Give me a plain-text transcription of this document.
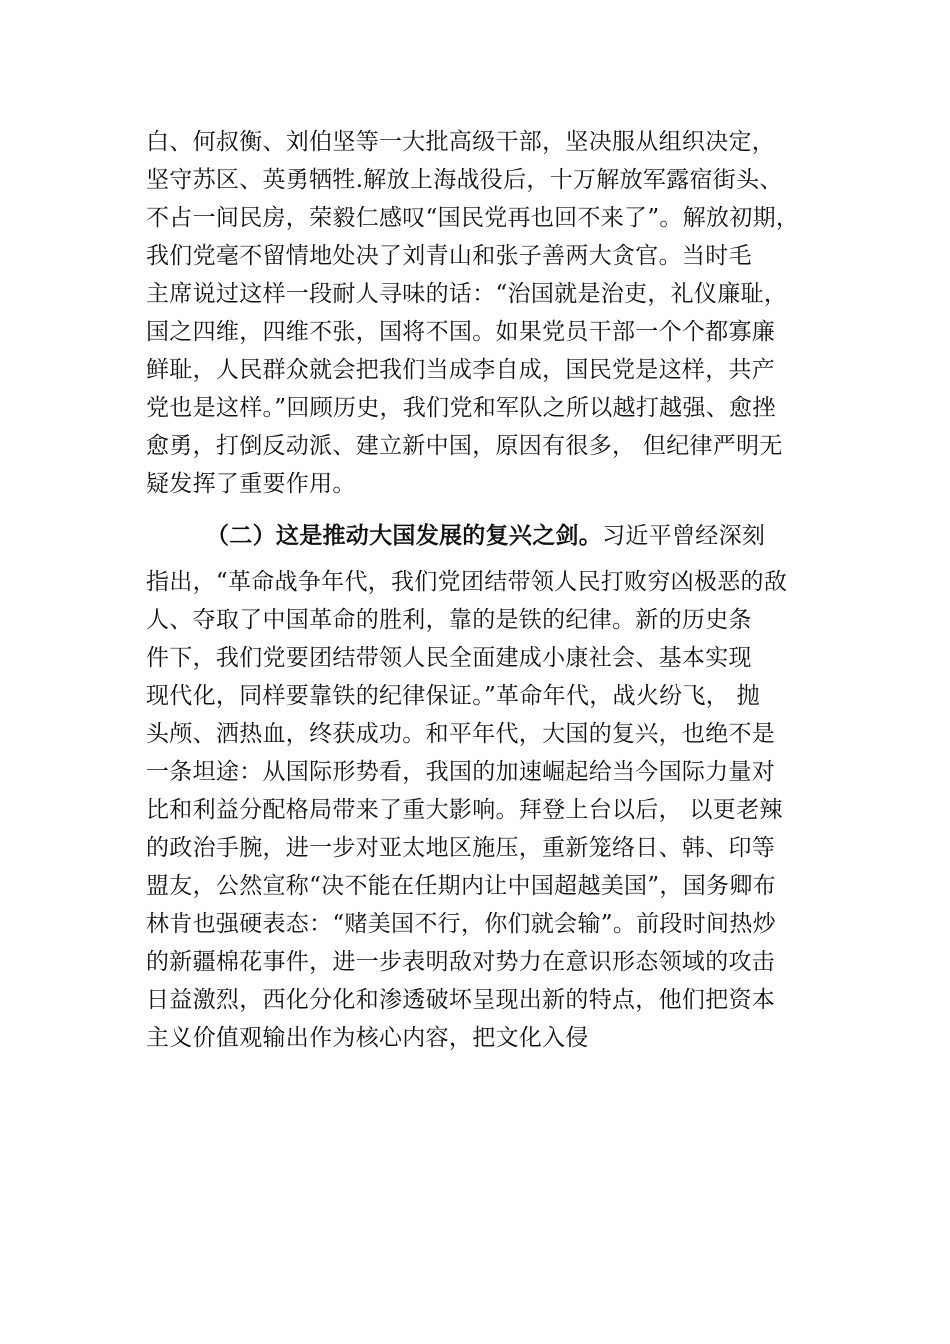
白、何叔衡、刘伯坚等一大批高级干部，坚决服从组织决定，
坚守苏区、英勇牺牲.解放上海战役后，十万解放军露宿街头、
不占一间民房，荣毅仁感叹“国民党再也回不来了”。解放初期，
我们党毫不留情地处决了刘青山和张子善两大贪官。当时毛
主席说过这样一段耐人寻味的话：“治国就是治吏，礼仪廉耻，
国之四维，四维不张，国将不国。如果党员干部一个个都寡廉
鲜耻，人民群众就会把我们当成李自成，国民党是这样，共产
党也是这样。”回顾历史，我们党和军队之所以越打越强、愈挫
愈勇，打倒反动派、建立新中国，原因有很多， 但纪律严明无
疑发挥了重要作用。
（二）这是推动大国发展的复兴之剑。习近平曾经深刻
指出，“革命战争年代，我们党团结带领人民打败穷凶极恶的敌
人、夺取了中国革命的胜利，靠的是铁的纪律。新的历史条
件下，我们党要团结带领人民全面建成小康社会、基本实现
现代化，同样要靠铁的纪律保证。”革命年代，战火纷飞， 抛
头颅、洒热血，终获成功。和平年代，大国的复兴，也绝不是
一条坦途：从国际形势看，我国的加速崛起给当今国际力量对
比和利益分配格局带来了重大影响。拜登上台以后， 以更老辣
的政治手腕，进一步对亚太地区施压，重新笼络日、韩、印等
盟友，公然宣称“决不能在任期内让中国超越美国”，国务卿布
林肯也强硬表态：“赌美国不行，你们就会输”。前段时间热炒
的新疆棉花事件，进一步表明敌对势力在意识形态领域的攻击
日益激烈，西化分化和渗透破坏呈现出新的特点，他们把资本
主义价值观输出作为核心内容，把文化入侵
